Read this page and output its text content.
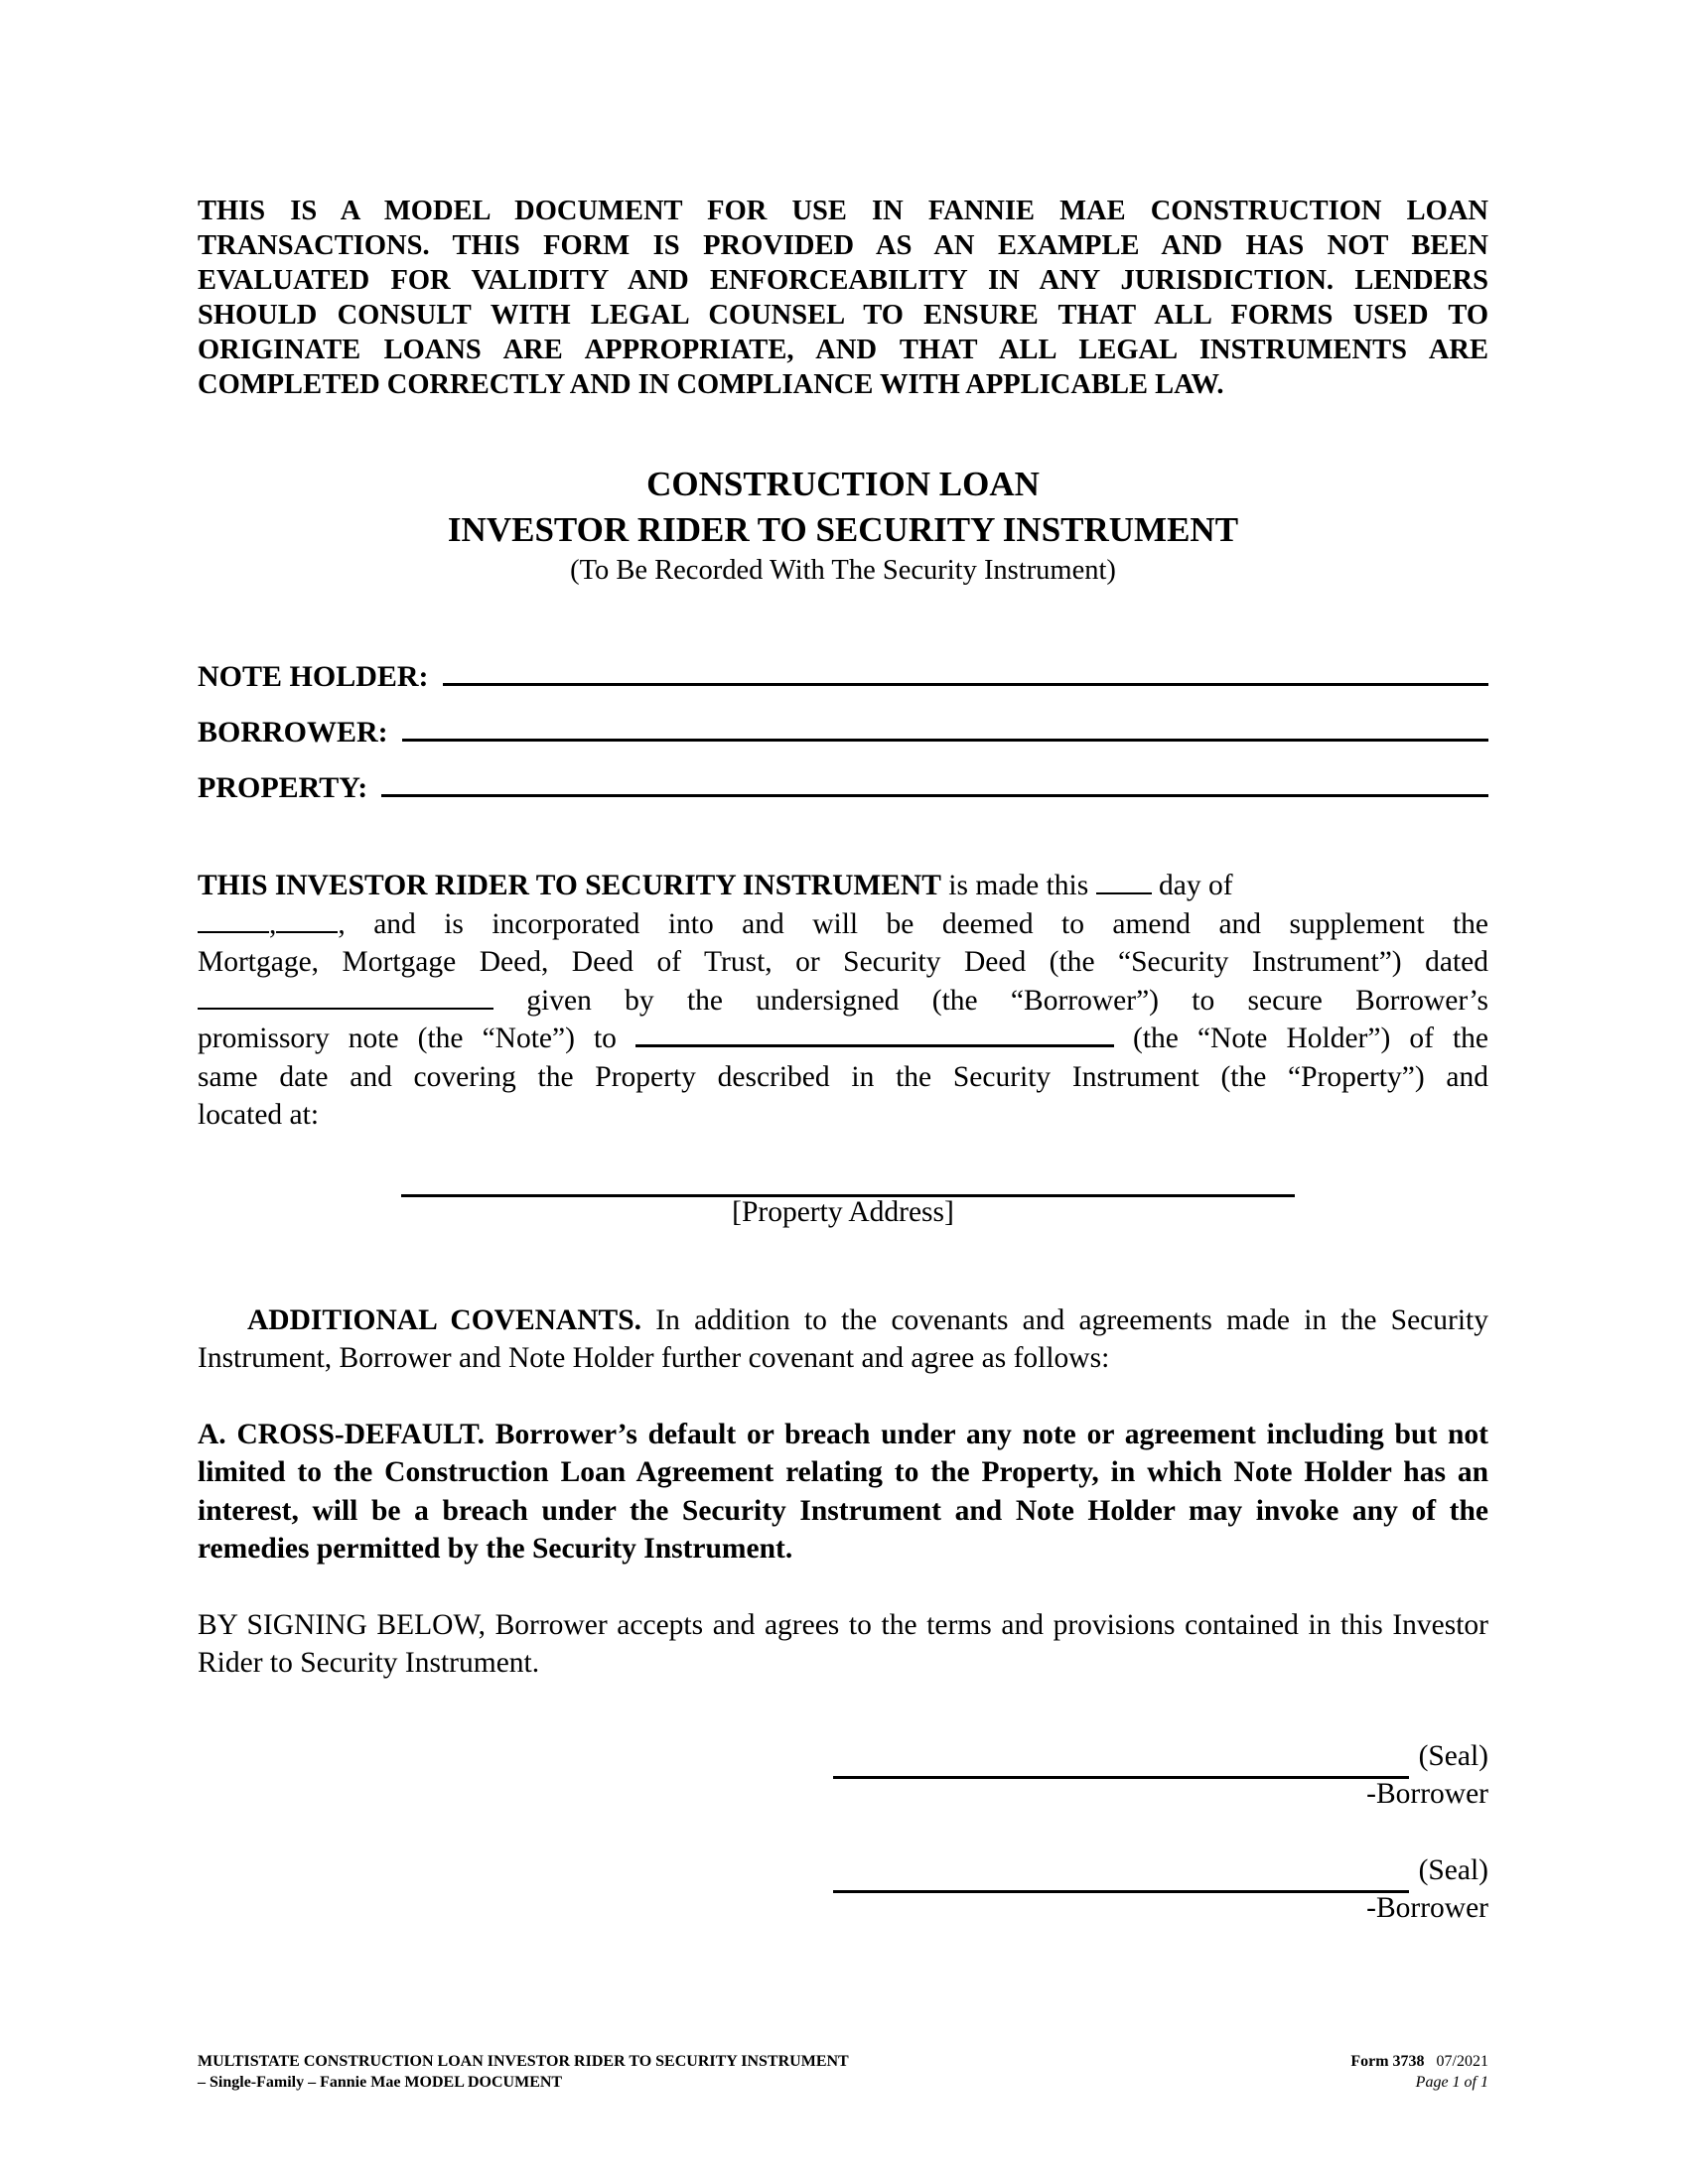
THIS IS A MODEL DOCUMENT FOR USE IN FANNIE MAE CONSTRUCTION LOAN
TRANSACTIONS. THIS FORM IS PROVIDED AS AN EXAMPLE AND HAS NOT BEEN
EVALUATED FOR VALIDITY AND ENFORCEABILITY IN ANY JURISDICTION. LENDERS
SHOULD CONSULT WITH LEGAL COUNSEL TO ENSURE THAT ALL FORMS USED TO
ORIGINATE LOANS ARE APPROPRIATE, AND THAT ALL LEGAL INSTRUMENTS ARE
COMPLETED CORRECTLY AND IN COMPLIANCE WITH APPLICABLE LAW.
CONSTRUCTION LOAN
INVESTOR RIDER TO SECURITY INSTRUMENT
(To Be Recorded With The Security Instrument)
NOTE HOLDER:
BORROWER:
PROPERTY:
THIS INVESTOR RIDER TO SECURITY INSTRUMENT is made this  day of
, , and is incorporated into and will be deemed to amend and supplement the
Mortgage, Mortgage Deed, Deed of Trust, or Security Deed (the “Security Instrument”) dated
given by the undersigned (the “Borrower”) to secure Borrower’s
promissory note (the “Note”) to	(the “Note Holder”) of the
same date and covering the Property described in the Security Instrument (the “Property”) and
located at:
[Property Address]

ADDITIONAL COVENANTS. In addition to the covenants and agreements made in the Security Instrument, Borrower and Note Holder further covenant and agree as follows:

A. CROSS-DEFAULT. Borrower’s default or breach under any note or agreement including but not limited to the Construction Loan Agreement relating to the Property, in which Note Holder has an interest, will be a breach under the Security Instrument and Note Holder may invoke any of the remedies permitted by the Security Instrument.

BY SIGNING BELOW, Borrower accepts and agrees to the terms and provisions contained in this Investor Rider to Security Instrument.

(Seal)
-Borrower
(Seal)
-Borrower
MULTISTATE CONSTRUCTION LOAN INVESTOR RIDER TO SECURITY INSTRUMENT
– Single-Family – Fannie Mae MODEL DOCUMENT
Form 3738 07/2021
Page 1 of 1
